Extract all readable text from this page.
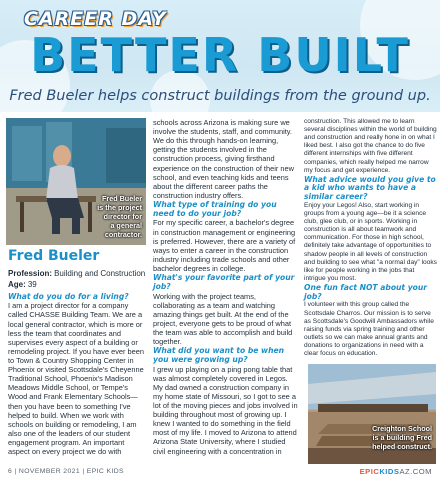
CAREER DAY
BETTER BUILT
Fred Bueler helps construct buildings from the ground up.
Fred Bueler
is the project
director for
a general
contractor.
Fred Bueler
Profession: Building and Construction
Age: 39
What do you do for a living?

I am a project director for a company called CHASSE Building Team. We are a local general contractor, which is more or less the team that coordinates and supervises every aspect of a building or remodeling project. If you have ever been to Town & Country Shopping Center in Phoenix or visited Scottsdale's Cheyenne Traditional School, Phoenix's Madison Meadows Middle School, or Tempe's Wood and Frank Elementary Schools—then you have been to something I've helped to build. When we work with schools on building or remodeling, I am also one of the leaders of our student engagement program. An important aspect on every project we do with

schools across Arizona is making sure we involve the students, staff, and community. We do this through hands-on learning, getting the students involved in the construction process, giving firsthand experience on the construction of their new school, and even teaching kids and teens about the different career paths the construction industry offers.

What type of training do you need to do your job?

For my specific career, a bachelor's degree in construction management or engineering is preferred. However, there are a variety of ways to enter a career in the construction industry including trade schools and other bachelor degrees in college.

What's your favorite part of your job?

Working with the project teams, collaborating as a team and watching amazing things get built. At the end of the project, everyone gets to be proud of what the team was able to accomplish and build together.

What did you want to be when you were growing up?

I grew up playing on a ping pong table that was almost completely covered in Legos. My dad owned a construction company in my home state of Missouri, so I got to see a lot of the moving pieces and jobs involved in building throughout most of growing up. I knew I wanted to do something in the field most of my life. I moved to Arizona to attend Arizona State University, where I studied civil engineering with a concentration in

construction. This allowed me to learn several disciplines within the world of building and construction and really hone in on what I liked best. I also got the chance to do five different internships with five different companies, which really helped me narrow my focus and get experience.

What advice would you give to a kid who wants to have a similar career?

Enjoy your Legos! Also, start working in groups from a young age—be it a science club, glee club, or in sports. Working in construction is all about teamwork and communication. For those in high school, definitely take advantage of opportunities to shadow people in all levels of construction and building to see what "a normal day" looks like for people working in the jobs that intrigue you most.

One fun fact NOT about your job?

I volunteer with this group called the Scottsdale Charros. Our mission is to serve as Scottsdale's Goodwill Ambassadors while raising funds via spring training and other outlets so we can make annual grants and donations to organizations in need with a clear focus on education.

Creighton School
is a building Fred
helped construct.
6 | NOVEMBER 2021 | EPIC KIDS	EPICKIDSAZ.COM
